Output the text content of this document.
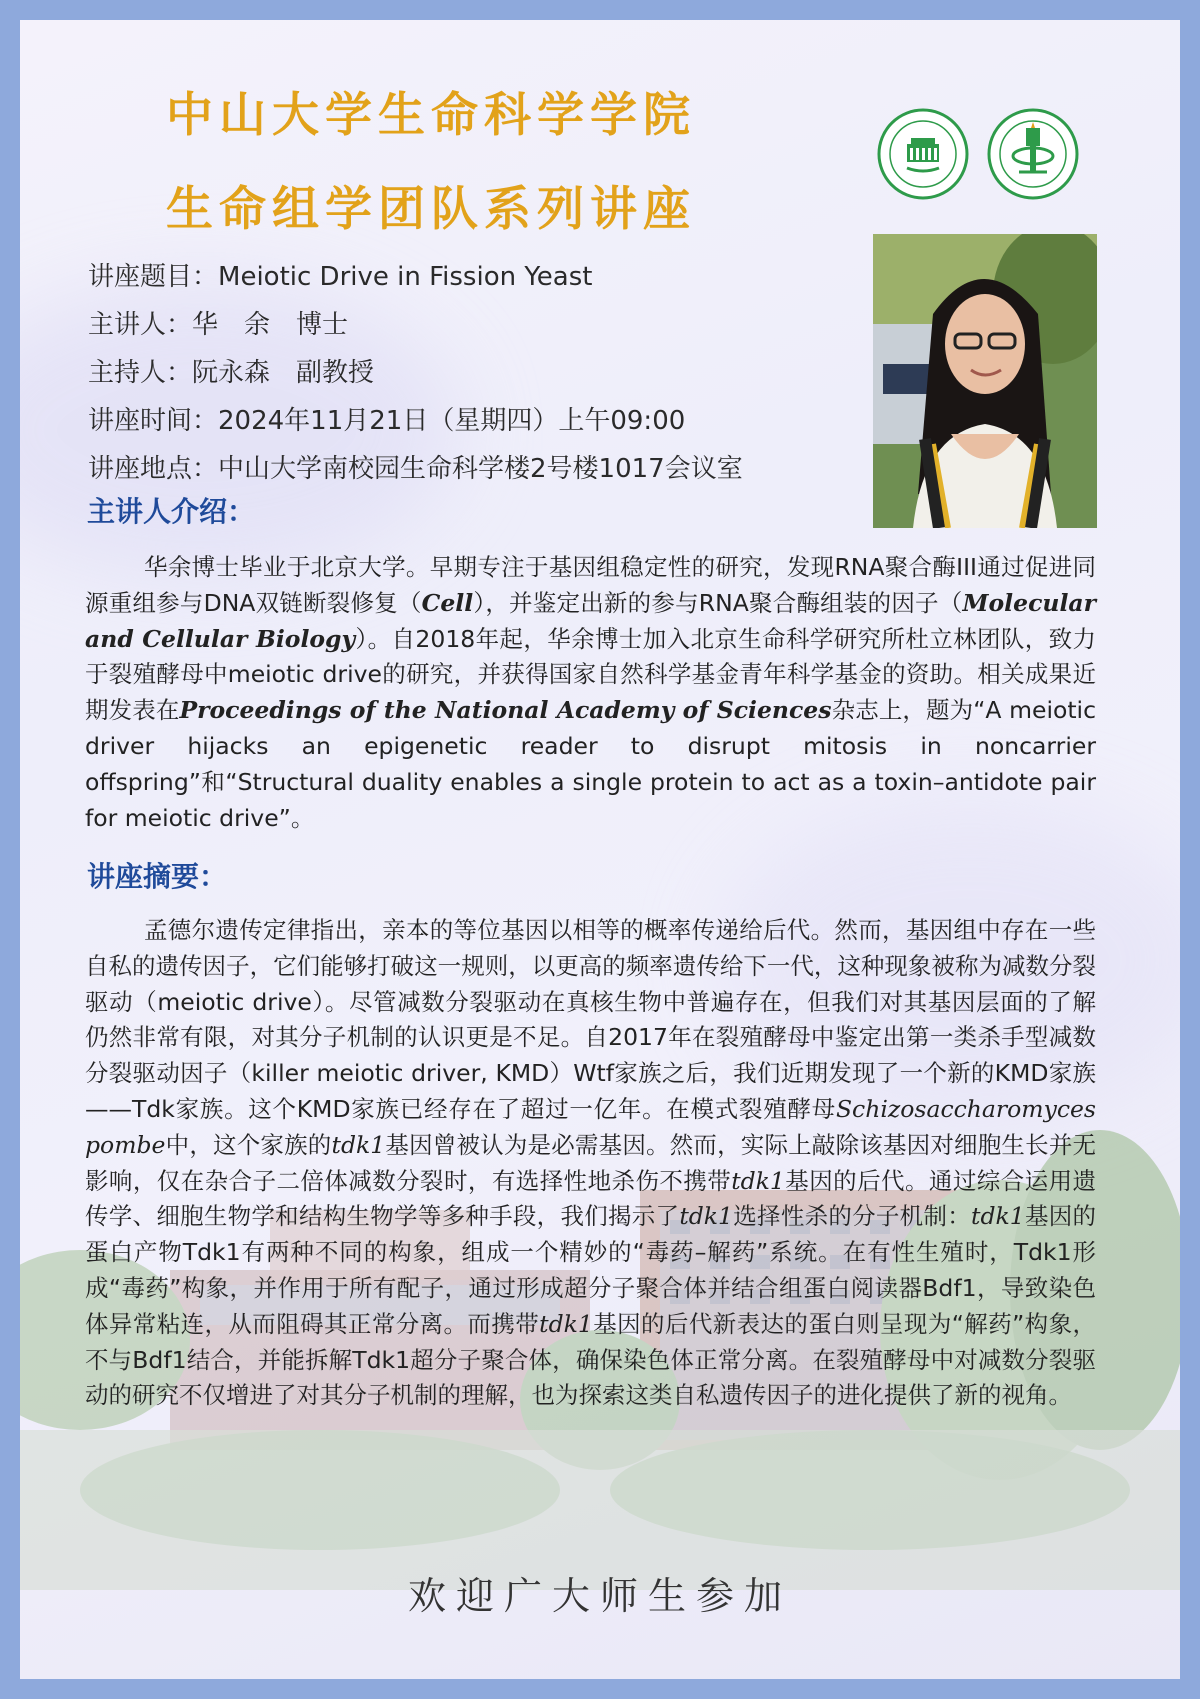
中山大学生命科学学院
生命组学团队系列讲座
讲座题目：Meiotic Drive in Fission Yeast
主讲人：华　余　博士
主持人：阮永森　副教授
讲座时间：2024年11月21日（星期四）上午09:00
讲座地点：中山大学南校园生命科学楼2号楼1017会议室
主讲人介绍：

华余博士毕业于北京大学。早期专注于基因组稳定性的研究，发现RNA聚合酶III通过促进同源重组参与DNA双链断裂修复（Cell），并鉴定出新的参与RNA聚合酶组装的因子（Molecular and Cellular Biology）。自2018年起，华余博士加入北京生命科学研究所杜立林团队，致力于裂殖酵母中meiotic drive的研究，并获得国家自然科学基金青年科学基金的资助。相关成果近期发表在Proceedings of the National Academy of Sciences杂志上，题为“A meiotic driver hijacks an epigenetic reader to disrupt mitosis in noncarrier offspring”和“Structural duality enables a single protein to act as a toxin–antidote pair for meiotic drive”。

讲座摘要：

孟德尔遗传定律指出，亲本的等位基因以相等的概率传递给后代。然而，基因组中存在一些自私的遗传因子，它们能够打破这一规则，以更高的频率遗传给下一代，这种现象被称为减数分裂驱动（meiotic drive）。尽管减数分裂驱动在真核生物中普遍存在，但我们对其基因层面的了解仍然非常有限，对其分子机制的认识更是不足。自2017年在裂殖酵母中鉴定出第一类杀手型减数分裂驱动因子（killer meiotic driver, KMD）Wtf家族之后，我们近期发现了一个新的KMD家族——Tdk家族。这个KMD家族已经存在了超过一亿年。在模式裂殖酵母Schizosaccharomyces pombe中，这个家族的tdk1基因曾被认为是必需基因。然而，实际上敲除该基因对细胞生长并无影响，仅在杂合子二倍体减数分裂时，有选择性地杀伤不携带tdk1基因的后代。通过综合运用遗传学、细胞生物学和结构生物学等多种手段，我们揭示了tdk1选择性杀的分子机制：tdk1基因的蛋白产物Tdk1有两种不同的构象，组成一个精妙的“毒药–解药”系统。在有性生殖时，Tdk1形成“毒药”构象，并作用于所有配子，通过形成超分子聚合体并结合组蛋白阅读器Bdf1，导致染色体异常粘连，从而阻碍其正常分离。而携带tdk1基因的后代新表达的蛋白则呈现为“解药”构象，不与Bdf1结合，并能拆解Tdk1超分子聚合体，确保染色体正常分离。在裂殖酵母中对减数分裂驱动的研究不仅增进了对其分子机制的理解，也为探索这类自私遗传因子的进化提供了新的视角。

欢迎广大师生参加
